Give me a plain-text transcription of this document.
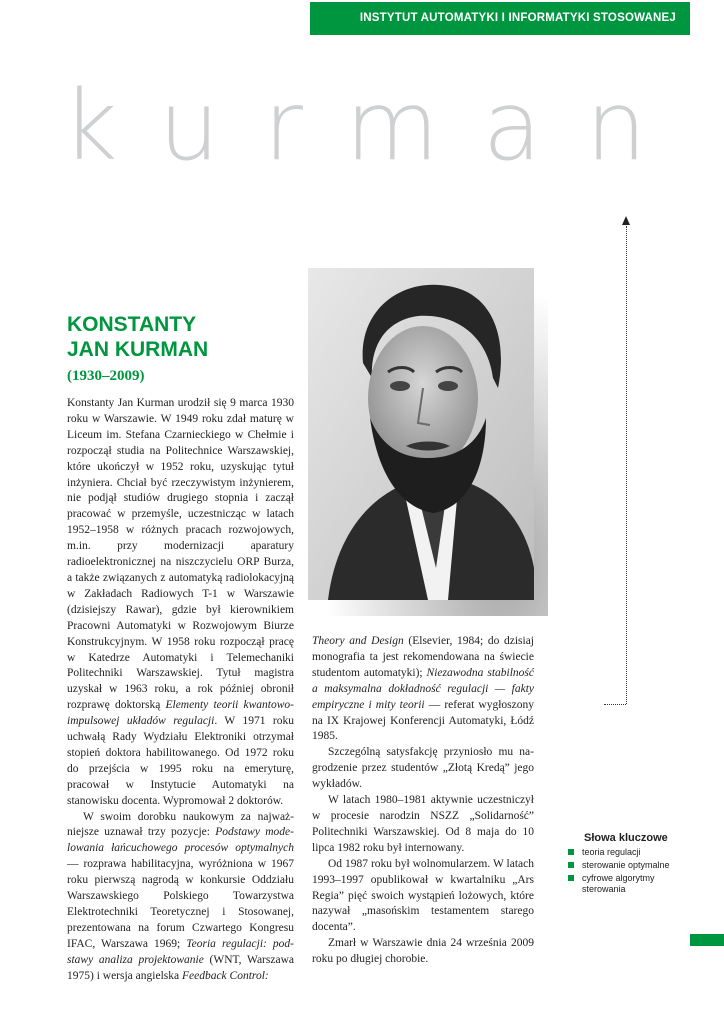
INSTYTUT AUTOMATYKI I INFORMATYKI STOSOWANEJ
kurman
KONSTANTY
JAN KURMAN
(1930–2009)

Konstanty Jan Kurman urodził się 9 marca 1930 roku w Warszawie. W 1949 roku zdał maturę w Liceum im. Stefana Czarnieckiego w Chełmie i rozpoczął studia na Politechnice Warszawskiej, które ukończył w 1952 roku, uzyskując tytuł inżyniera. Chciał być rzeczywistym inżynierem, nie podjął studiów drugiego stopnia i zaczął pracować w przemyśle, uczestnicząc w latach 1952–1958 w różnych pracach rozwojowych, m.in. przy modernizacji aparatury radioelektronicznej na niszczycielu ORP Burza, a także związanych z automatyką radiolokacyjną w Zakładach Radiowych T-1 w Warszawie (dzisiejszy Rawar), gdzie był kierownikiem Pracowni Automatyki w Rozwojowym Biurze Konstrukcyjnym. W 1958 roku rozpoczął pracę w Katedrze Automatyki i Telemechaniki Politechniki Warszawskiej. Tytuł magistra uzyskał w 1963 roku, a rok później obronił rozprawę doktorską Elementy teorii kwantowo-impulsowej układów regulacji. W 1971 roku uchwałą Rady Wydziału Elektroniki otrzymał stopień doktora habilitowanego. Od 1972 roku do przejścia w 1995 roku na emeryturę, pracował w Instytucie Automatyki na stanowisku docenta. Wypromował 2 doktorów.

W swoim dorobku naukowym za najważniejsze uznawał trzy pozycje: Podstawy modelowania łańcuchowego procesów optymalnych — rozprawa habilitacyjna, wyróżniona w 1967 roku pierwszą nagrodą w konkursie Oddziału Warszawskiego Polskiego Towarzystwa Elektrotechniki Teoretycznej i Stosowanej, prezentowana na forum Czwartego Kongresu IFAC, Warszawa 1969; Teoria regulacji: podstawy analiza projektowanie (WNT, Warszawa 1975) i wersja angielska Feedback Control:

Theory and Design (Elsevier, 1984; do dzisiaj monografia ta jest rekomendowana na świecie studentom automatyki); Niezawodna stabilność a maksymalna dokładność regulacji — fakty empiryczne i mity teorii — referat wygłoszony na IX Krajowej Konferencji Automatyki, Łódź 1985.

Szczególną satysfakcję przyniosło mu nagrodzenie przez studentów „Złotą Kredą” jego wykładów.

W latach 1980–1981 aktywnie uczestniczył w procesie narodzin NSZZ „Solidarność” Politechniki Warszawskiej. Od 8 maja do 10 lipca 1982 roku był internowany.

Od 1987 roku był wolnomularzem. W latach 1993–1997 opublikował w kwartalniku „Ars Regia” pięć swoich wystąpień lożowych, które nazywał „masońskim testamentem starego docenta”.

Zmarł w Warszawie dnia 24 września 2009 roku po długiej chorobie.

Słowa kluczowe
teoria regulacji
sterowanie optymalne
cyfrowe algorytmy sterowania
